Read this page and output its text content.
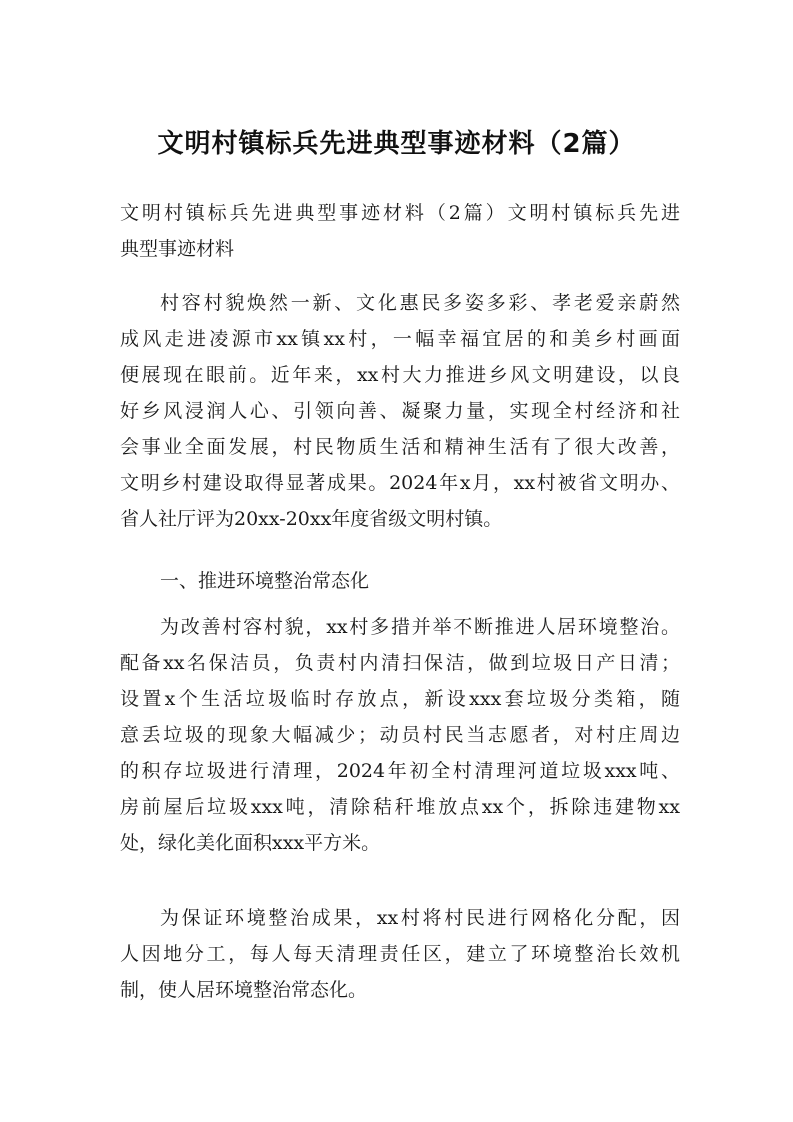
文明村镇标兵先进典型事迹材料（2篇）
文明村镇标兵先进典型事迹材料（2篇）文明村镇标兵先进
典型事迹材料
村容村貌焕然一新、文化惠民多姿多彩、孝老爱亲蔚然
成风走进凌源市xx镇xx村，一幅幸福宜居的和美乡村画面
便展现在眼前。近年来，xx村大力推进乡风文明建设，以良
好乡风浸润人心、引领向善、凝聚力量，实现全村经济和社
会事业全面发展，村民物质生活和精神生活有了很大改善，
文明乡村建设取得显著成果。2024年x月，xx村被省文明办、
省人社厅评为20xx-20xx年度省级文明村镇。
一、推进环境整治常态化
为改善村容村貌，xx村多措并举不断推进人居环境整治。
配备xx名保洁员，负责村内清扫保洁，做到垃圾日产日清；
设置x个生活垃圾临时存放点，新设xxx套垃圾分类箱，随
意丢垃圾的现象大幅减少；动员村民当志愿者，对村庄周边
的积存垃圾进行清理，2024年初全村清理河道垃圾xxx吨、
房前屋后垃圾xxx吨，清除秸秆堆放点xx个，拆除违建物xx
处，绿化美化面积xxx平方米。
为保证环境整治成果，xx村将村民进行网格化分配，因
人因地分工，每人每天清理责任区，建立了环境整治长效机
制，使人居环境整治常态化。
